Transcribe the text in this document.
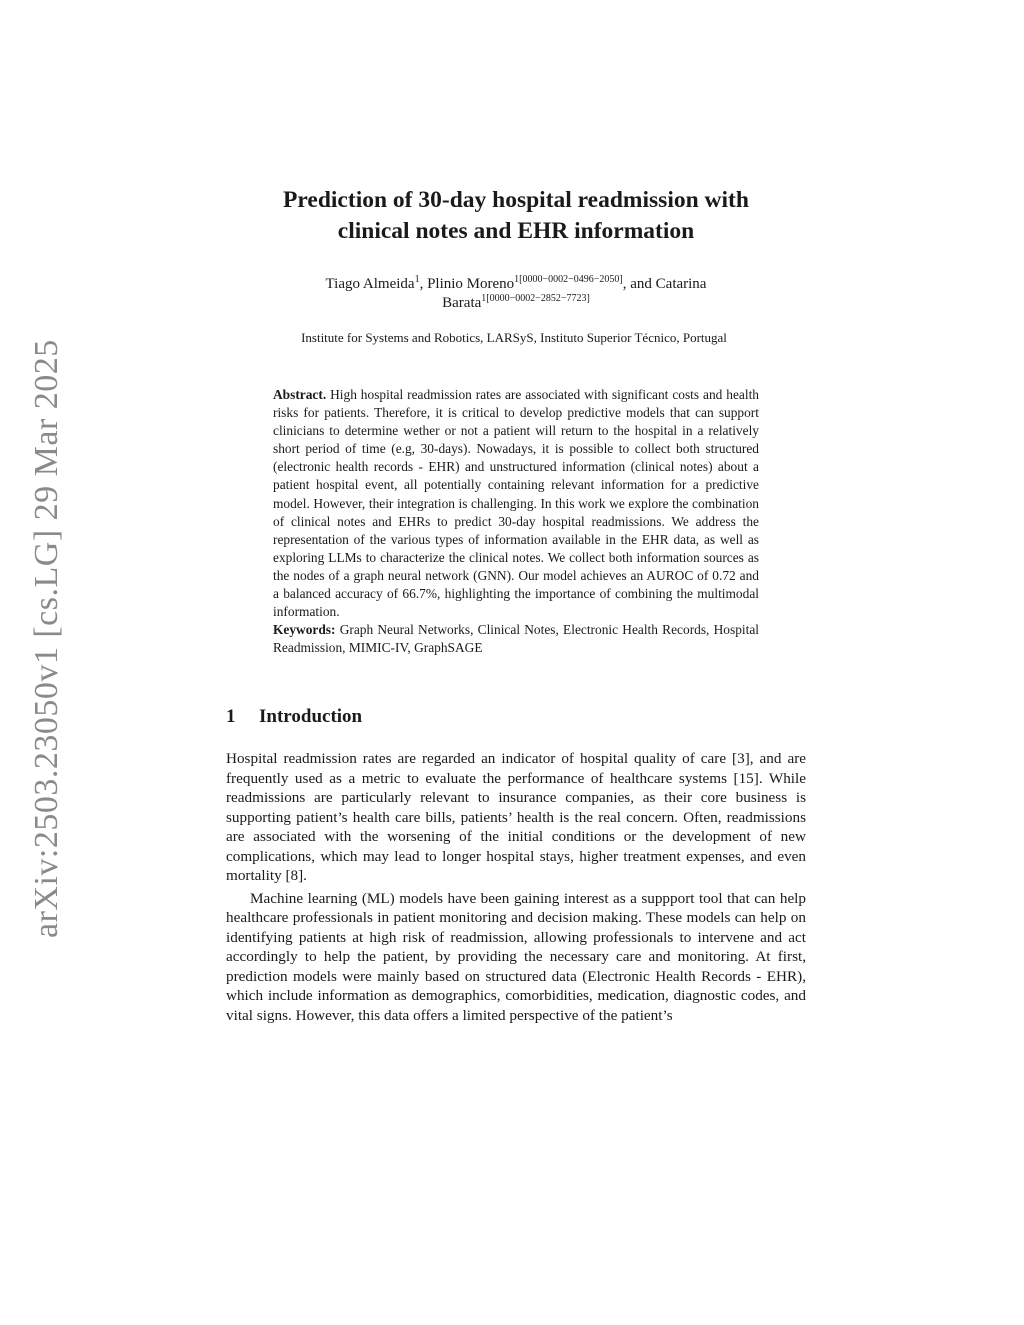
arXiv:2503.23050v1 [cs.LG] 29 Mar 2025
Prediction of 30-day hospital readmission with
clinical notes and EHR information
Tiago Almeida$^1$, Plinio Moreno$^{1[0000-0002-0496-2050]}$, and Catarina
Barata$^{1[0000-0002-2852-7723]}$
Institute for Systems and Robotics, LARSyS, Instituto Superior Técnico, Portugal
Abstract. High hospital readmission rates are associated with significant costs and health risks for patients. Therefore, it is critical to develop predictive models that can support clinicians to determine wether or not a patient will return to the hospital in a relatively short period of time (e.g, 30-days). Nowadays, it is possible to collect both structured (electronic health records - EHR) and unstructured information (clinical notes) about a patient hospital event, all potentially containing relevant information for a predictive model. However, their integration is challenging. In this work we explore the combination of clinical notes and EHRs to predict 30-day hospital readmissions. We address the representation of the various types of information available in the EHR data, as well as exploring LLMs to characterize the clinical notes. We collect both information sources as the nodes of a graph neural network (GNN). Our model achieves an AUROC of 0.72 and a balanced accuracy of 66.7%, highlighting the importance of combining the multimodal information.
Keywords: Graph Neural Networks, Clinical Notes, Electronic Health Records, Hospital Readmission, MIMIC-IV, GraphSAGE
1 Introduction

Hospital readmission rates are regarded an indicator of hospital quality of care [3], and are frequently used as a metric to evaluate the performance of healthcare systems [15]. While readmissions are particularly relevant to insurance companies, as their core business is supporting patient’s health care bills, patients’ health is the real concern. Often, readmissions are associated with the worsening of the initial conditions or the development of new complications, which may lead to longer hospital stays, higher treatment expenses, and even mortality [8].

Machine learning (ML) models have been gaining interest as a suppport tool that can help healthcare professionals in patient monitoring and decision making. These models can help on identifying patients at high risk of readmission, allowing professionals to intervene and act accordingly to help the patient, by providing the necessary care and monitoring. At first, prediction models were mainly based on structured data (Electronic Health Records - EHR), which include information as demographics, comorbidities, medication, diagnostic codes, and vital signs. However, this data offers a limited perspective of the patient’s
